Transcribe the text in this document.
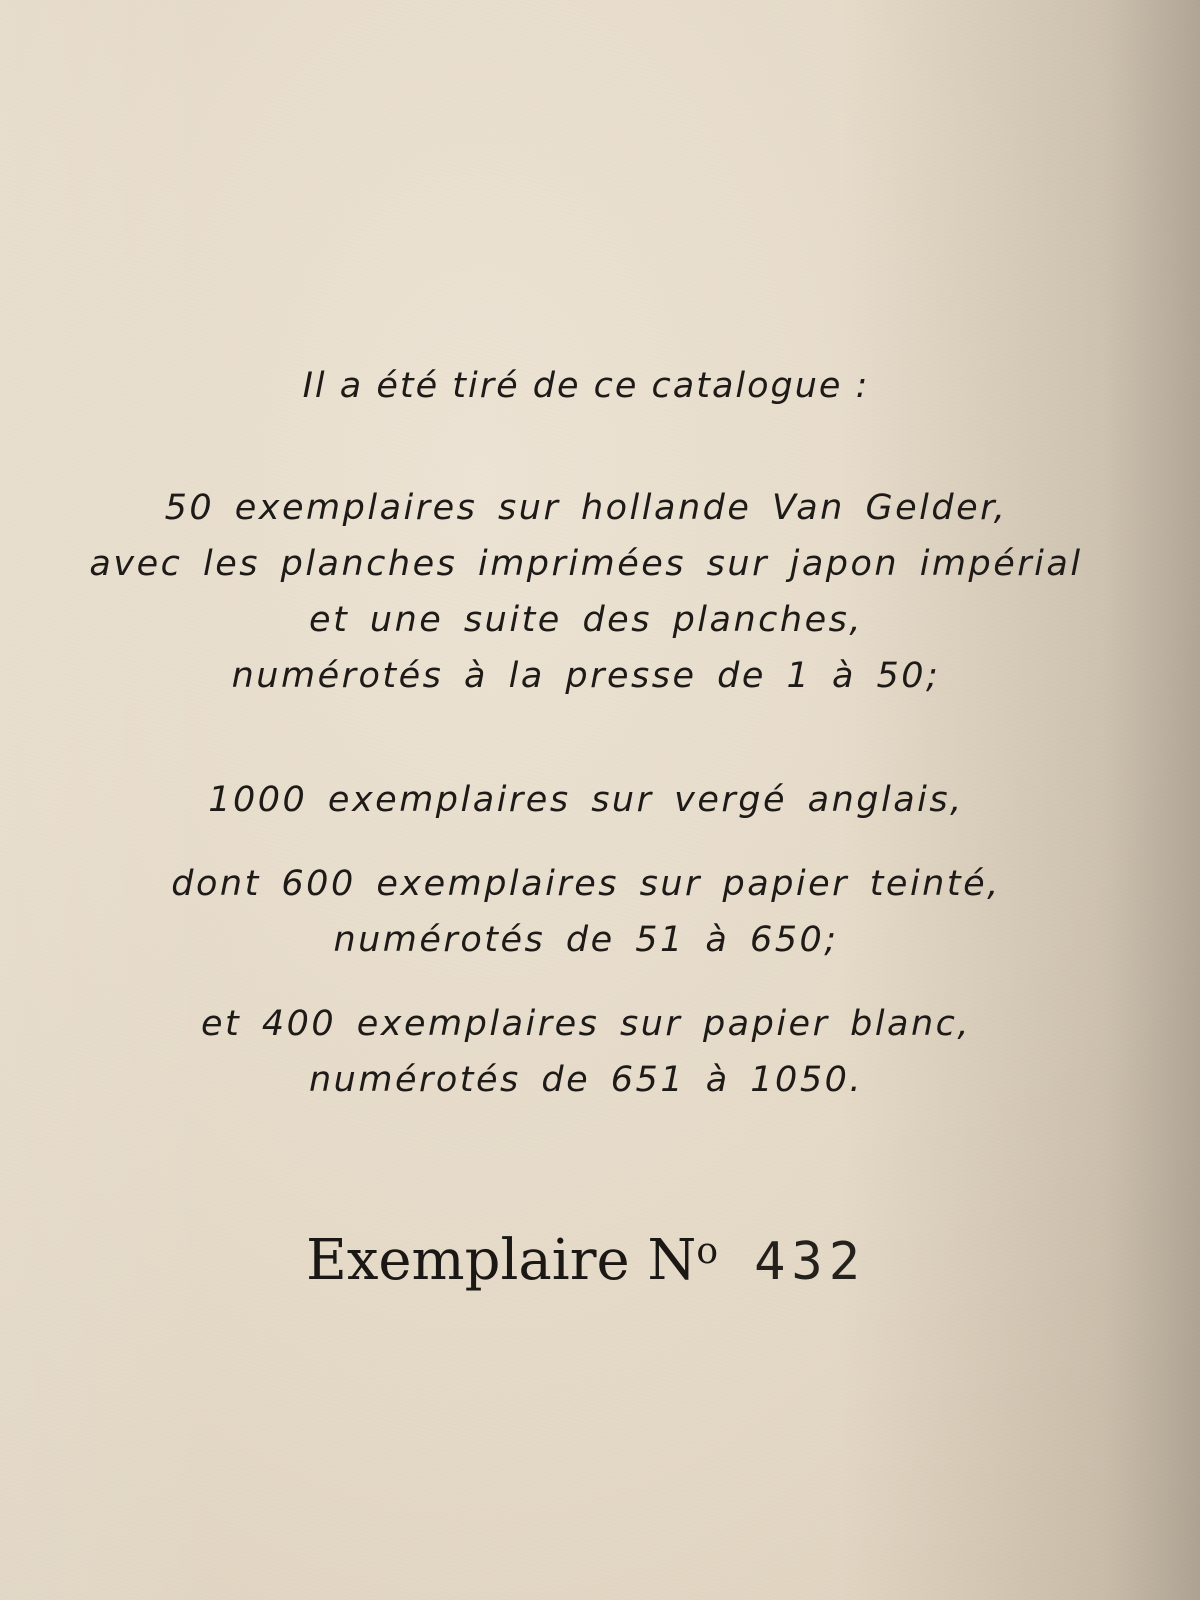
Il a été tiré de ce catalogue :
50 exemplaires sur hollande Van Gelder,
avec les planches imprimées sur japon impérial
et une suite des planches,
numérotés à la presse de 1 à 50;
1000 exemplaires sur vergé anglais,
dont 600 exemplaires sur papier teinté,
numérotés de 51 à 650;
et 400 exemplaires sur papier blanc,
numérotés de 651 à 1050.
Exemplaire $N^o$ 432
